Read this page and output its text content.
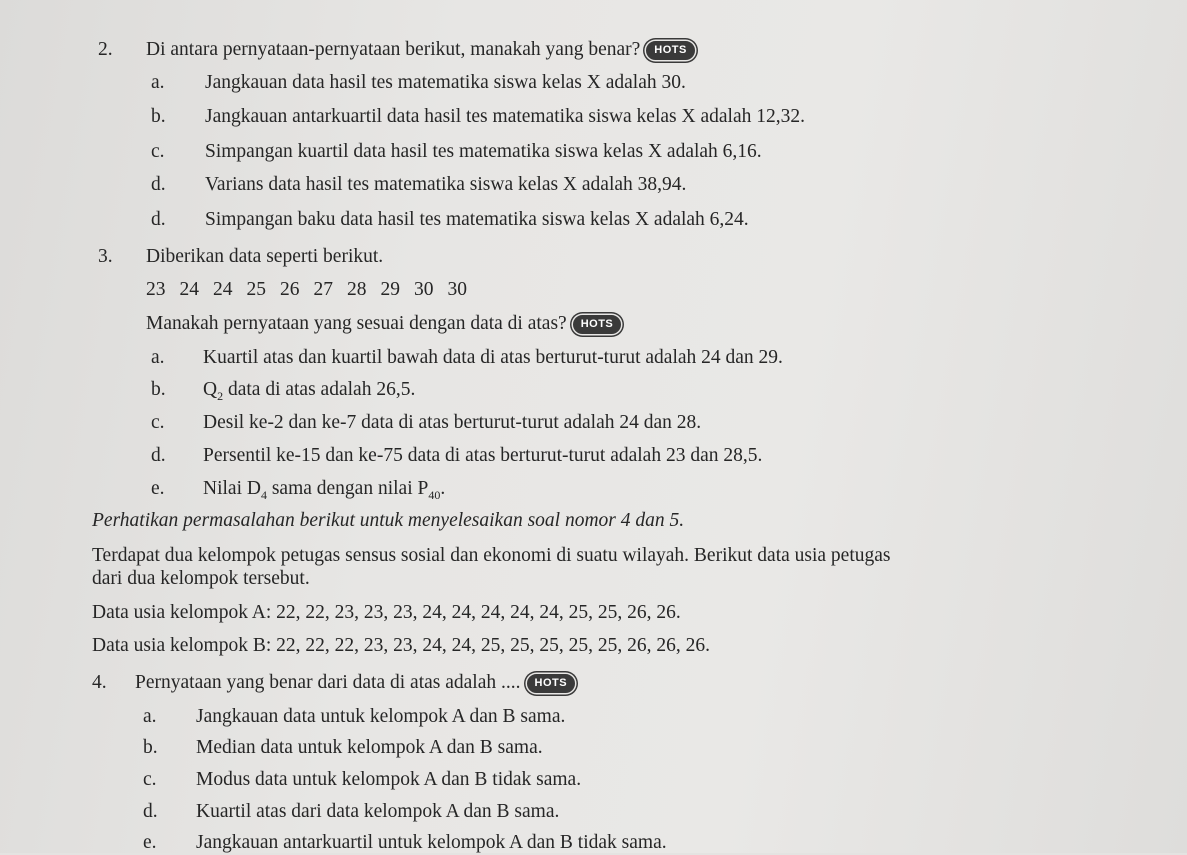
2. Di antara pernyataan-pernyataan berikut, manakah yang benar? HOTS
a. Jangkauan data hasil tes matematika siswa kelas X adalah 30.
b. Jangkauan antarkuartil data hasil tes matematika siswa kelas X adalah 12,32.
c. Simpangan kuartil data hasil tes matematika siswa kelas X adalah 6,16.
d. Varians data hasil tes matematika siswa kelas X adalah 38,94.
d. Simpangan baku data hasil tes matematika siswa kelas X adalah 6,24.
3. Diberikan data seperti berikut.
23 24 24 25 26 27 28 29 30 30
Manakah pernyataan yang sesuai dengan data di atas? HOTS
a. Kuartil atas dan kuartil bawah data di atas berturut-turut adalah 24 dan 29.
b. $Q_2$ data di atas adalah 26,5.
c. Desil ke-2 dan ke-7 data di atas berturut-turut adalah 24 dan 28.
d. Persentil ke-15 dan ke-75 data di atas berturut-turut adalah 23 dan 28,5.
e. Nilai $D_4$ sama dengan nilai $P_{40}$.
Perhatikan permasalahan berikut untuk menyelesaikan soal nomor 4 dan 5.
Terdapat dua kelompok petugas sensus sosial dan ekonomi di suatu wilayah. Berikut data usia petugas
dari dua kelompok tersebut.
Data usia kelompok A: 22, 22, 23, 23, 23, 24, 24, 24, 24, 24, 25, 25, 26, 26.
Data usia kelompok B: 22, 22, 22, 23, 23, 24, 24, 25, 25, 25, 25, 25, 26, 26, 26.
4. Pernyataan yang benar dari data di atas adalah .... HOTS
a. Jangkauan data untuk kelompok A dan B sama.
b. Median data untuk kelompok A dan B sama.
c. Modus data untuk kelompok A dan B tidak sama.
d. Kuartil atas dari data kelompok A dan B sama.
e. Jangkauan antarkuartil untuk kelompok A dan B tidak sama.
